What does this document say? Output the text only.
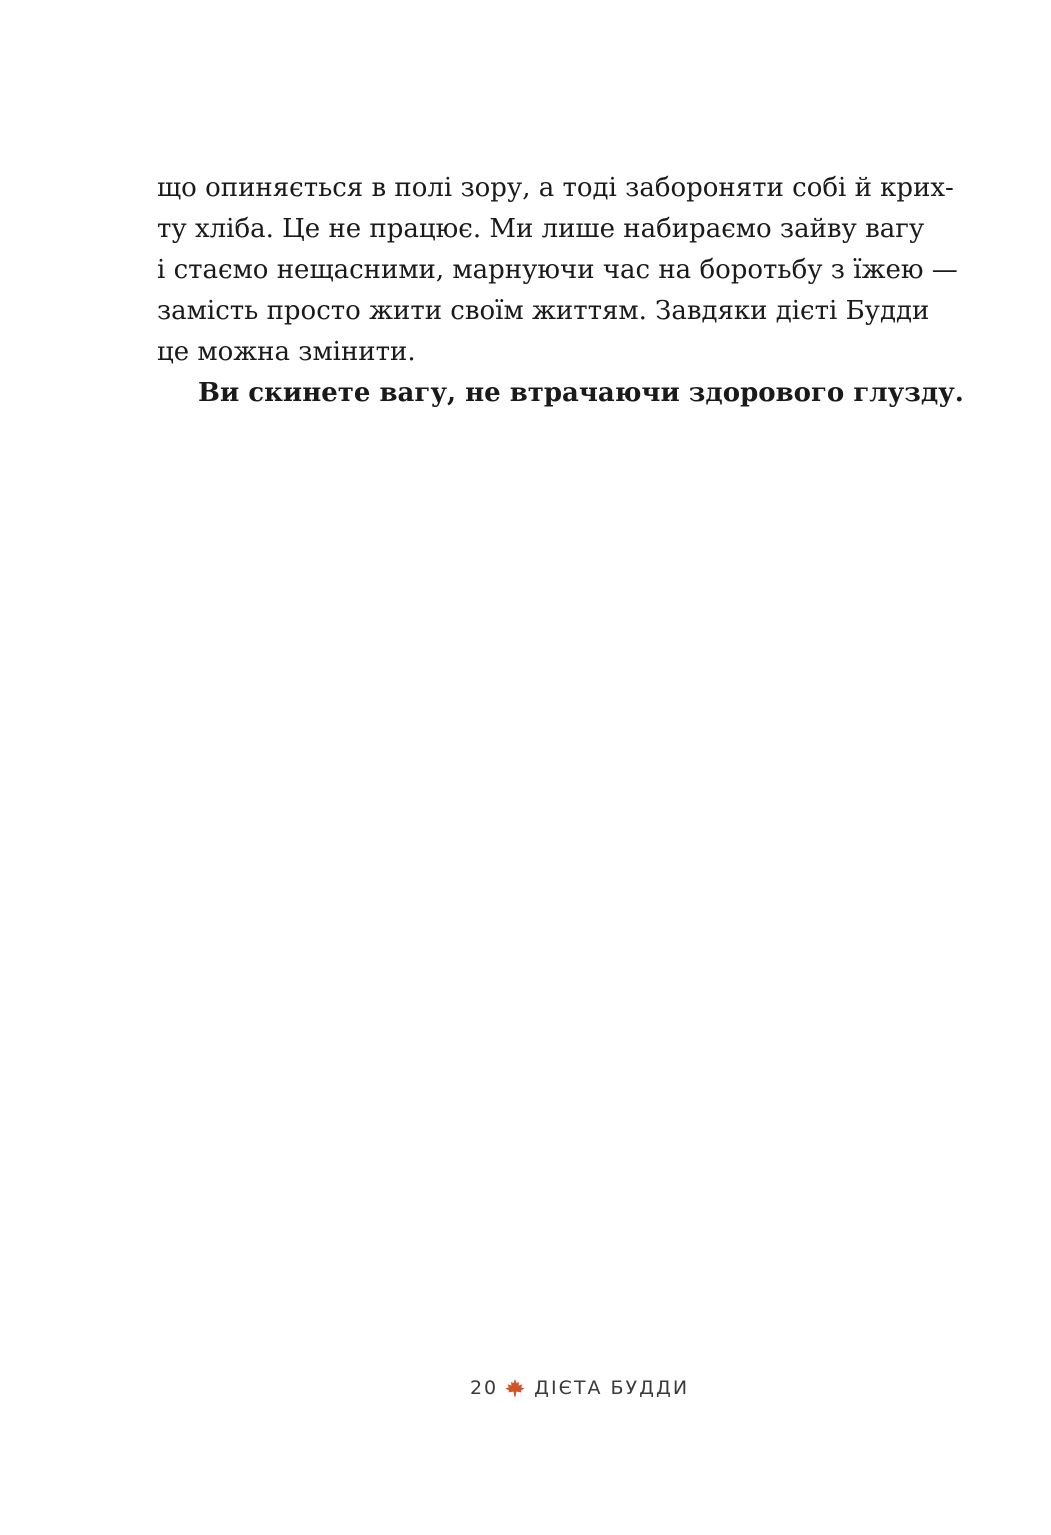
що опиняється в полі зору, а тоді забороняти собі й крих-
ту хліба. Це не працює. Ми лише набираємо зайву вагу
і стаємо нещасними, марнуючи час на боротьбу з їжею —
замість просто жити своїм життям. Завдяки дієті Будди
це можна змінити.
Ви скинете вагу, не втрачаючи здорового глузду.
20 ДІЄТА БУДДИ
